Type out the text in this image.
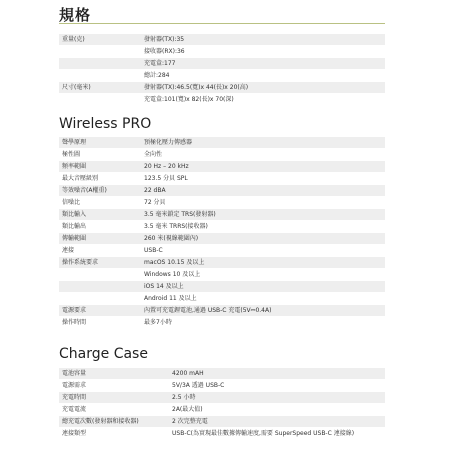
規格
重量(克)	發射器(TX):35
接收器(RX):36
充電盒:177
總計:284
尺寸(毫米)	發射器(TX):46.5(寬)x 44(長)x 20(高)
充電盒:101(寬)x 82(長)x 70(深)
Wireless PRO
聲學原理	預極化壓力傳感器
極性圖	全向性
頻率範圍	20 Hz – 20 kHz
最大音壓級別	123.5 分貝 SPL
等效噪音(A權重)	22 dBA
信噪比	72 分貝
類比輸入	3.5 毫米鎖定 TRS(發射器)
類比輸出	3.5 毫米 TRRS(接收器)
傳輸範圍	260 米(視線範圍內)
連接	USB-C
操作系統要求	macOS 10.15 及以上
Windows 10 及以上
iOS 14 及以上
Android 11 及以上
電源要求	內置可充電鋰電池,通過 USB-C 充電(5V⎓0.4A)
操作時間	最多7小時
Charge Case
電池容量	4200 mAH
電源需求	5V/3A 透過 USB-C
充電時間	2.5 小時
充電電流	2A(最大值)
總充電次數(發射器和接收器)	2 次完整充電
連接類型	USB-C(為實現最佳數據傳輸速度,需要 SuperSpeed USB-C 連接線)
